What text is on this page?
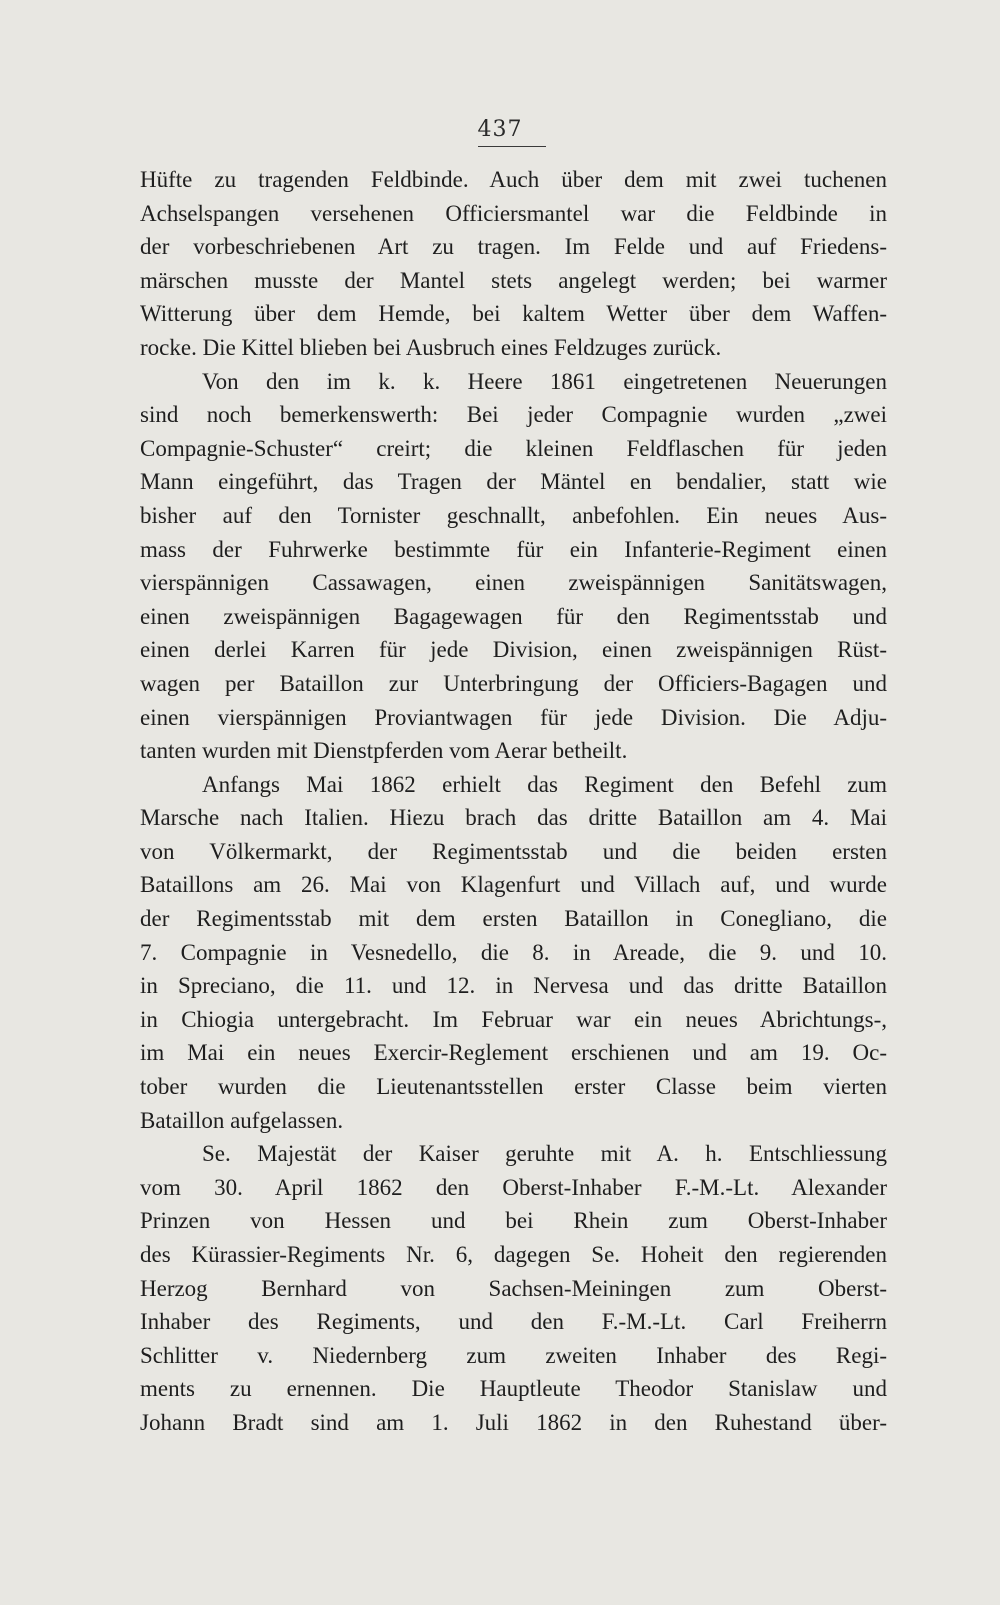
437
Hüfte zu tragenden Feldbinde. Auch über dem mit zwei tuchenen
Achselspangen versehenen Officiersmantel war die Feldbinde in
der vorbeschriebenen Art zu tragen. Im Felde und auf Friedens-
märschen musste der Mantel stets angelegt werden; bei warmer
Witterung über dem Hemde, bei kaltem Wetter über dem Waffen-
rocke. Die Kittel blieben bei Ausbruch eines Feldzuges zurück.
Von den im k. k. Heere 1861 eingetretenen Neuerungen
sind noch bemerkenswerth: Bei jeder Compagnie wurden „zwei
Compagnie-Schuster“ creirt; die kleinen Feldflaschen für jeden
Mann eingeführt, das Tragen der Mäntel en bendalier, statt wie
bisher auf den Tornister geschnallt, anbefohlen. Ein neues Aus-
mass der Fuhrwerke bestimmte für ein Infanterie-Regiment einen
vierspännigen Cassawagen, einen zweispännigen Sanitätswagen,
einen zweispännigen Bagagewagen für den Regimentsstab und
einen derlei Karren für jede Division, einen zweispännigen Rüst-
wagen per Bataillon zur Unterbringung der Officiers-Bagagen und
einen vierspännigen Proviantwagen für jede Division. Die Adju-
tanten wurden mit Dienstpferden vom Aerar betheilt.
Anfangs Mai 1862 erhielt das Regiment den Befehl zum
Marsche nach Italien. Hiezu brach das dritte Bataillon am 4. Mai
von Völkermarkt, der Regimentsstab und die beiden ersten
Bataillons am 26. Mai von Klagenfurt und Villach auf, und wurde
der Regimentsstab mit dem ersten Bataillon in Conegliano, die
7. Compagnie in Vesnedello, die 8. in Areade, die 9. und 10.
in Spreciano, die 11. und 12. in Nervesa und das dritte Bataillon
in Chiogia untergebracht. Im Februar war ein neues Abrichtungs-,
im Mai ein neues Exercir-Reglement erschienen und am 19. Oc-
tober wurden die Lieutenantsstellen erster Classe beim vierten
Bataillon aufgelassen.
Se. Majestät der Kaiser geruhte mit A. h. Entschliessung
vom 30. April 1862 den Oberst-Inhaber F.-M.-Lt. Alexander
Prinzen von Hessen und bei Rhein zum Oberst-Inhaber
des Kürassier-Regiments Nr. 6, dagegen Se. Hoheit den regierenden
Herzog Bernhard von Sachsen-Meiningen zum Oberst-
Inhaber des Regiments, und den F.-M.-Lt. Carl Freiherrn
Schlitter v. Niedernberg zum zweiten Inhaber des Regi-
ments zu ernennen. Die Hauptleute Theodor Stanislaw und
Johann Bradt sind am 1. Juli 1862 in den Ruhestand über-
